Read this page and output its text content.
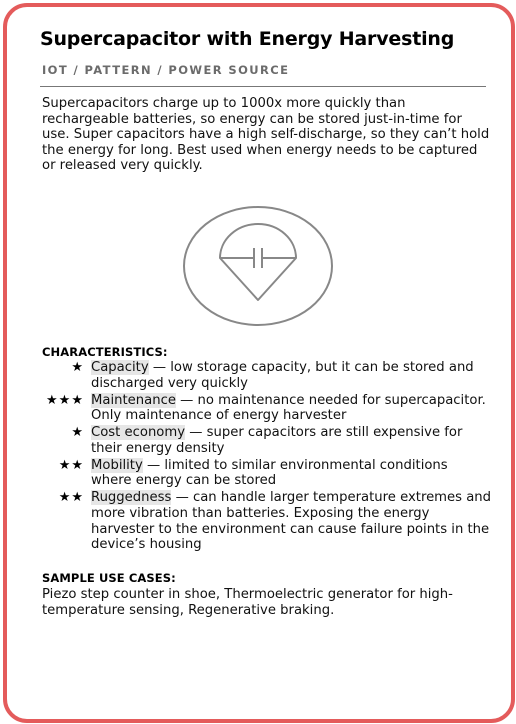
Supercapacitor with Energy Harvesting
IOT / PATTERN / POWER SOURCE
Supercapacitors charge up to 1000x more quickly than rechargeable batteries, so energy can be stored just-in-time for use. Super capacitors have a high self-discharge, so they can’t hold the energy for long. Best used when energy needs to be captured or released very quickly.
CHARACTERISTICS:
★ Capacity — low storage capacity, but it can be stored and discharged very quickly
★★★ Maintenance — no maintenance needed for supercapacitor. Only maintenance of energy harvester
★ Cost economy — super capacitors are still expensive for their energy density
★★ Mobility — limited to similar environmental conditions where energy can be stored
★★ Ruggedness — can handle larger temperature extremes and more vibration than batteries. Exposing the energy harvester to the environment can cause failure points in the device’s housing
SAMPLE USE CASES:
Piezo step counter in shoe, Thermoelectric generator for high-temperature sensing, Regenerative braking.
